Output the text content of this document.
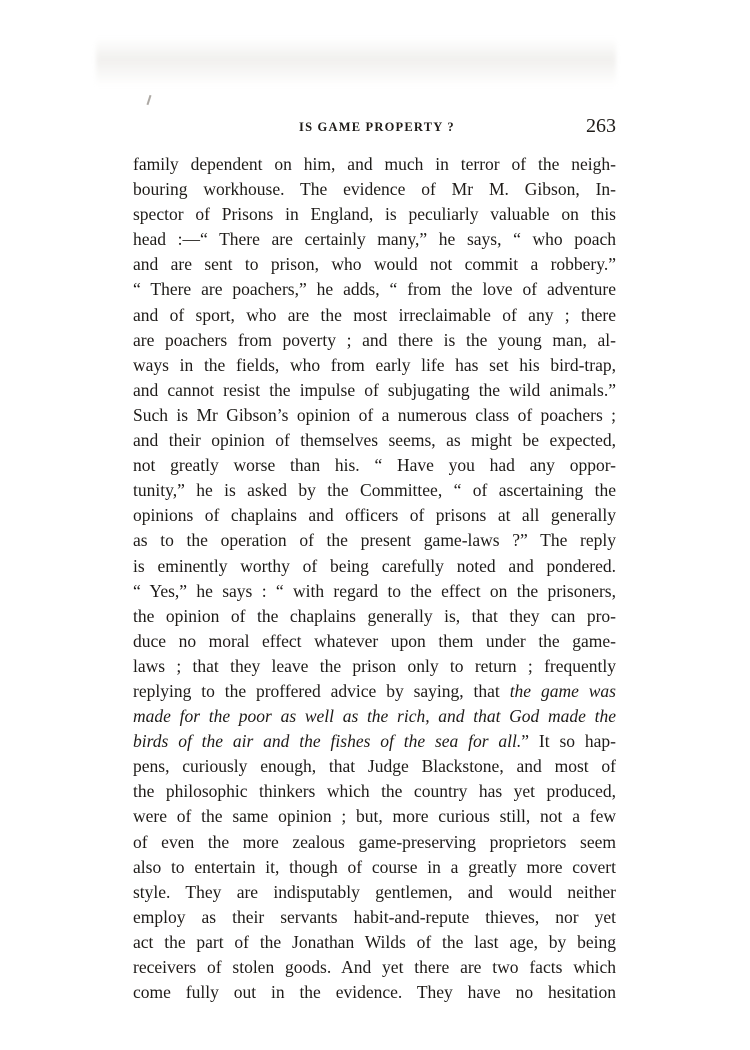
IS GAME PROPERTY ?	263
family dependent on him, and much in terror of the neigh-
bouring workhouse. The evidence of Mr M. Gibson, In-
spector of Prisons in England, is peculiarly valuable on this
head :—“ There are certainly many,” he says, “ who poach
and are sent to prison, who would not commit a robbery.”
“ There are poachers,” he adds, “ from the love of adventure
and of sport, who are the most irreclaimable of any ; there
are poachers from poverty ; and there is the young man, al-
ways in the fields, who from early life has set his bird-trap,
and cannot resist the impulse of subjugating the wild animals.”
Such is Mr Gibson’s opinion of a numerous class of poachers ;
and their opinion of themselves seems, as might be expected,
not greatly worse than his. “ Have you had any oppor-
tunity,” he is asked by the Committee, “ of ascertaining the
opinions of chaplains and officers of prisons at all generally
as to the operation of the present game-laws ?” The reply
is eminently worthy of being carefully noted and pondered.
“ Yes,” he says : “ with regard to the effect on the prisoners,
the opinion of the chaplains generally is, that they can pro-
duce no moral effect whatever upon them under the game-
laws ; that they leave the prison only to return ; frequently
replying to the proffered advice by saying, that the game was
made for the poor as well as the rich, and that God made the
birds of the air and the fishes of the sea for all.” It so hap-
pens, curiously enough, that Judge Blackstone, and most of
the philosophic thinkers which the country has yet produced,
were of the same opinion ; but, more curious still, not a few
of even the more zealous game-preserving proprietors seem
also to entertain it, though of course in a greatly more covert
style. They are indisputably gentlemen, and would neither
employ as their servants habit-and-repute thieves, nor yet
act the part of the Jonathan Wilds of the last age, by being
receivers of stolen goods. And yet there are two facts which
come fully out in the evidence. They have no hesitation
